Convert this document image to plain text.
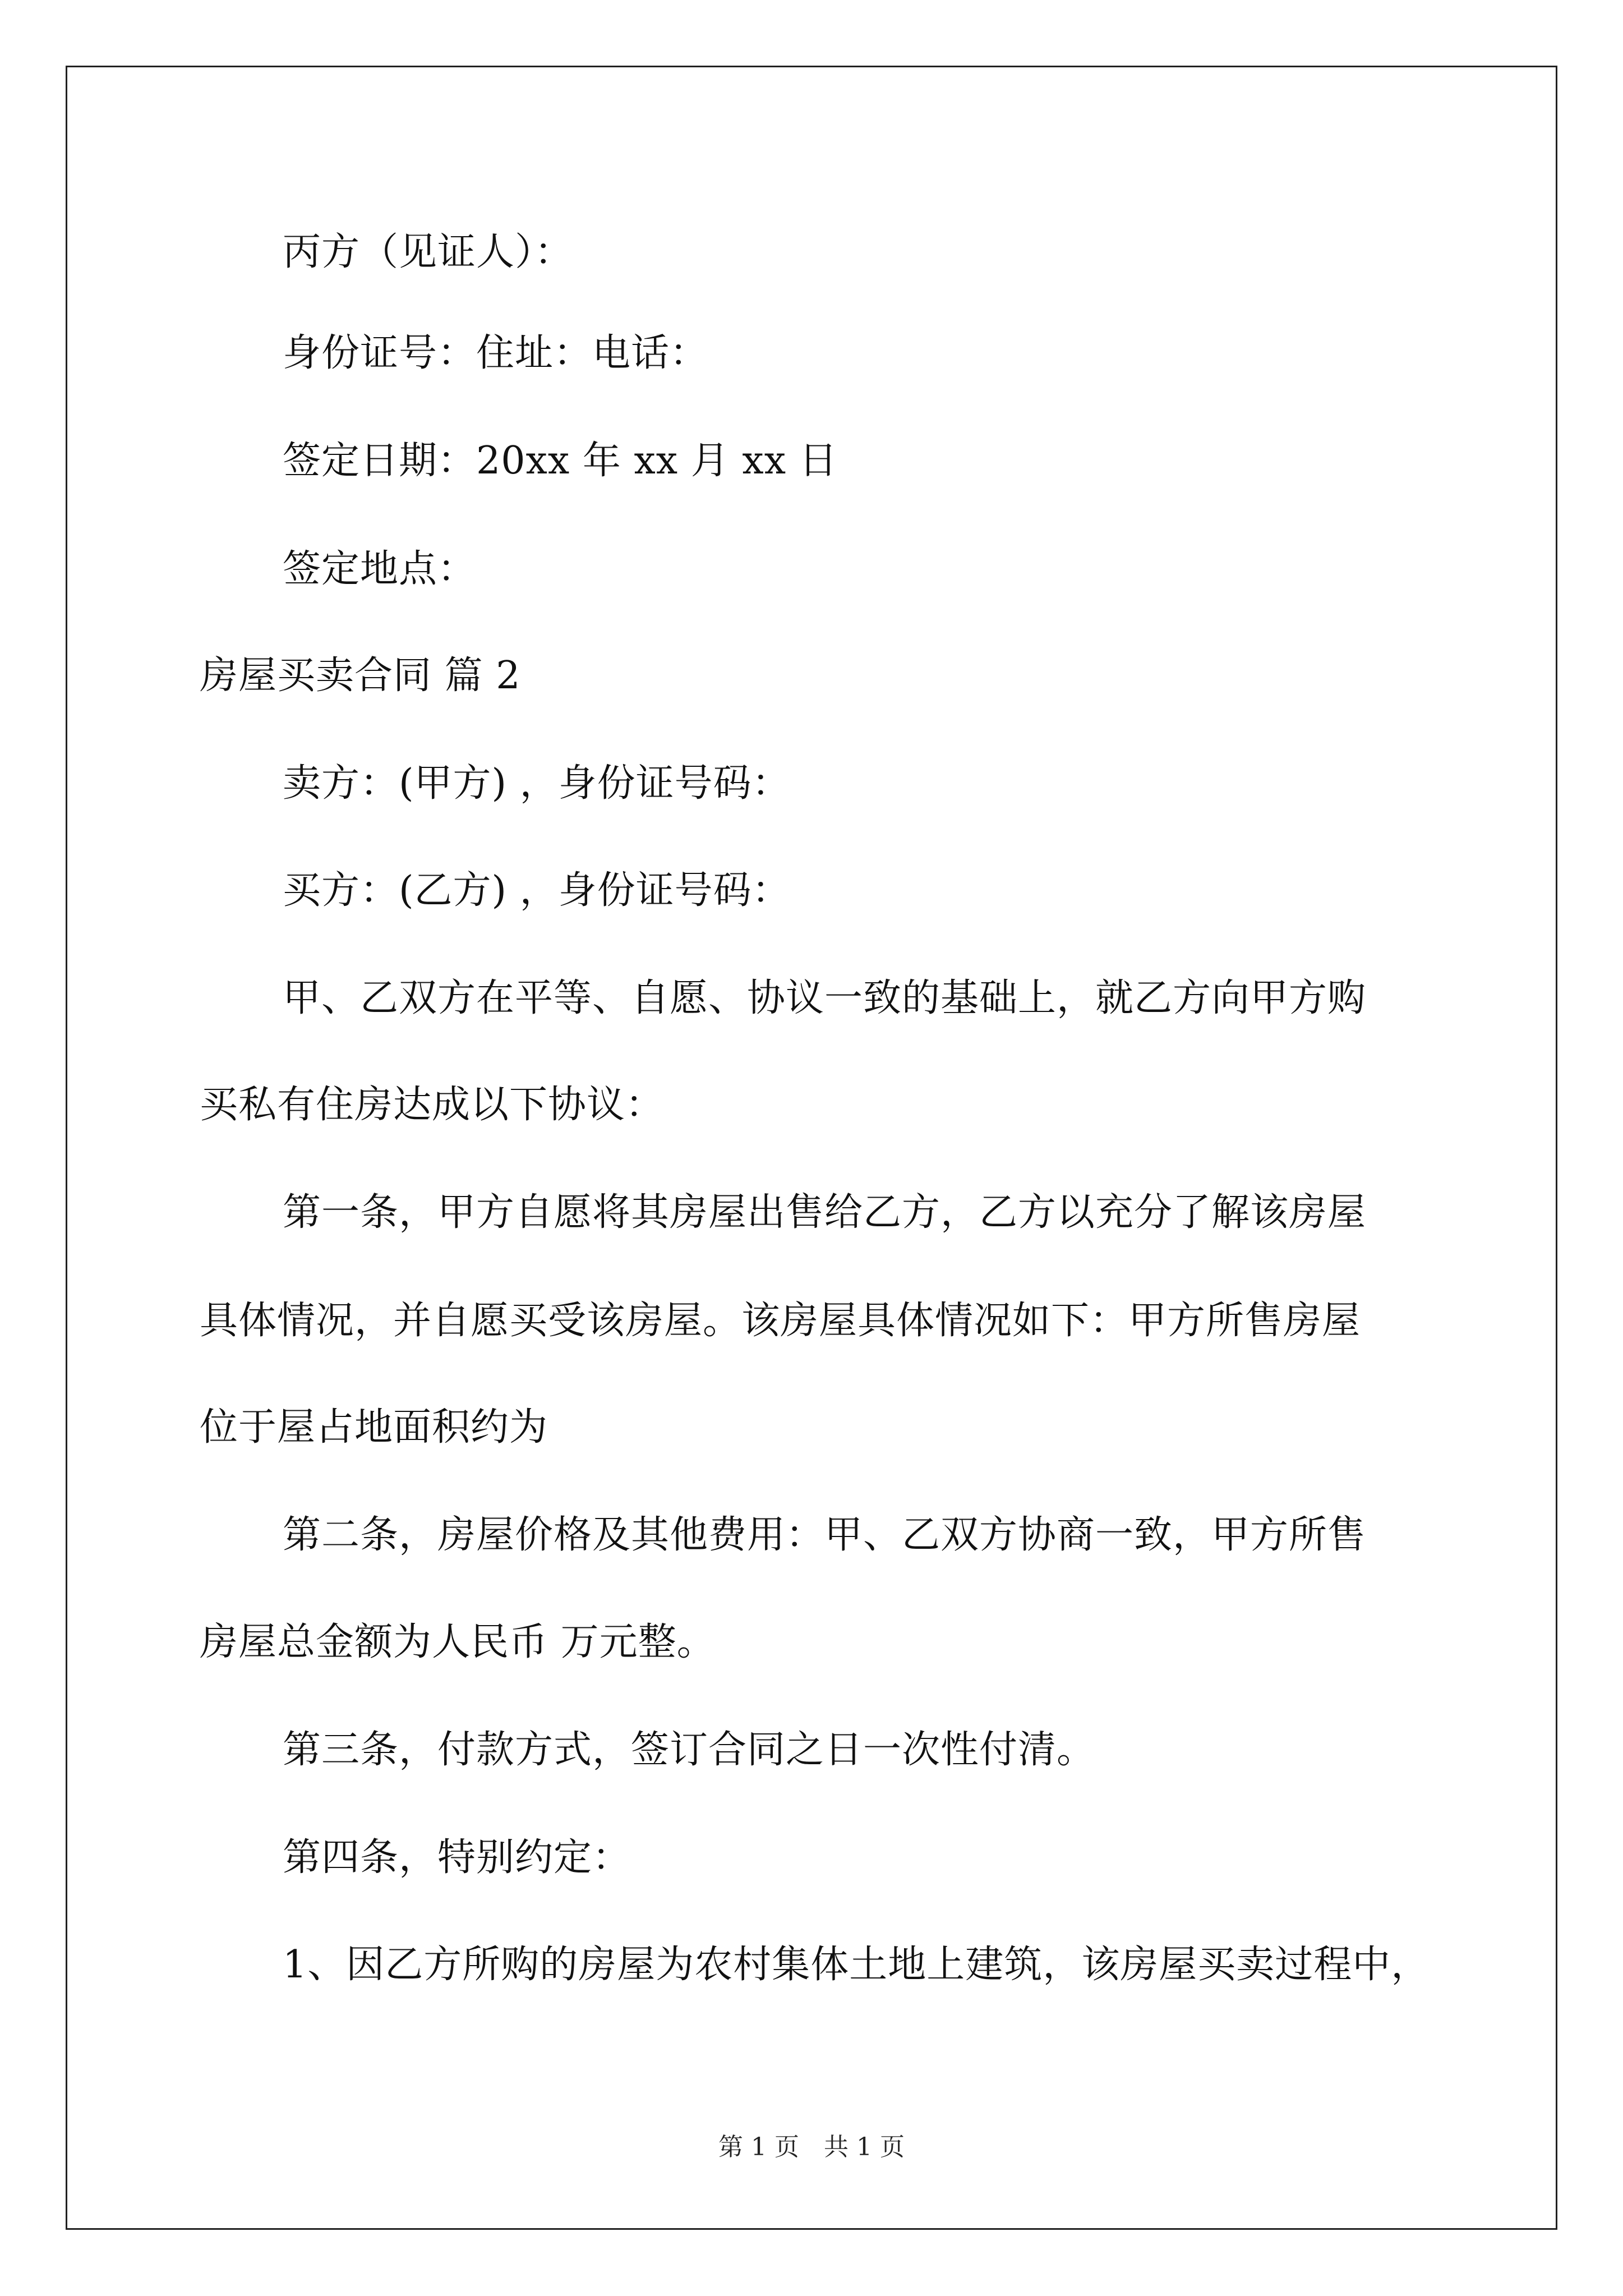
丙方（见证人）：
身份证号：住址：电话：
签定日期：20xx 年 xx 月 xx 日
签定地点：
房屋买卖合同 篇 2
卖方：(甲方) ，身份证号码：
买方：(乙方) ，身份证号码：
甲、乙双方在平等、自愿、协议一致的基础上，就乙方向甲方购
买私有住房达成以下协议：
第一条，甲方自愿将其房屋出售给乙方，乙方以充分了解该房屋
具体情况，并自愿买受该房屋。该房屋具体情况如下：甲方所售房屋
位于屋占地面积约为
第二条，房屋价格及其他费用：甲、乙双方协商一致，甲方所售
房屋总金额为人民币 万元整。
第三条，付款方式，签订合同之日一次性付清。
第四条，特别约定：
1、因乙方所购的房屋为农村集体土地上建筑，该房屋买卖过程中，
第 1 页　共 1 页
